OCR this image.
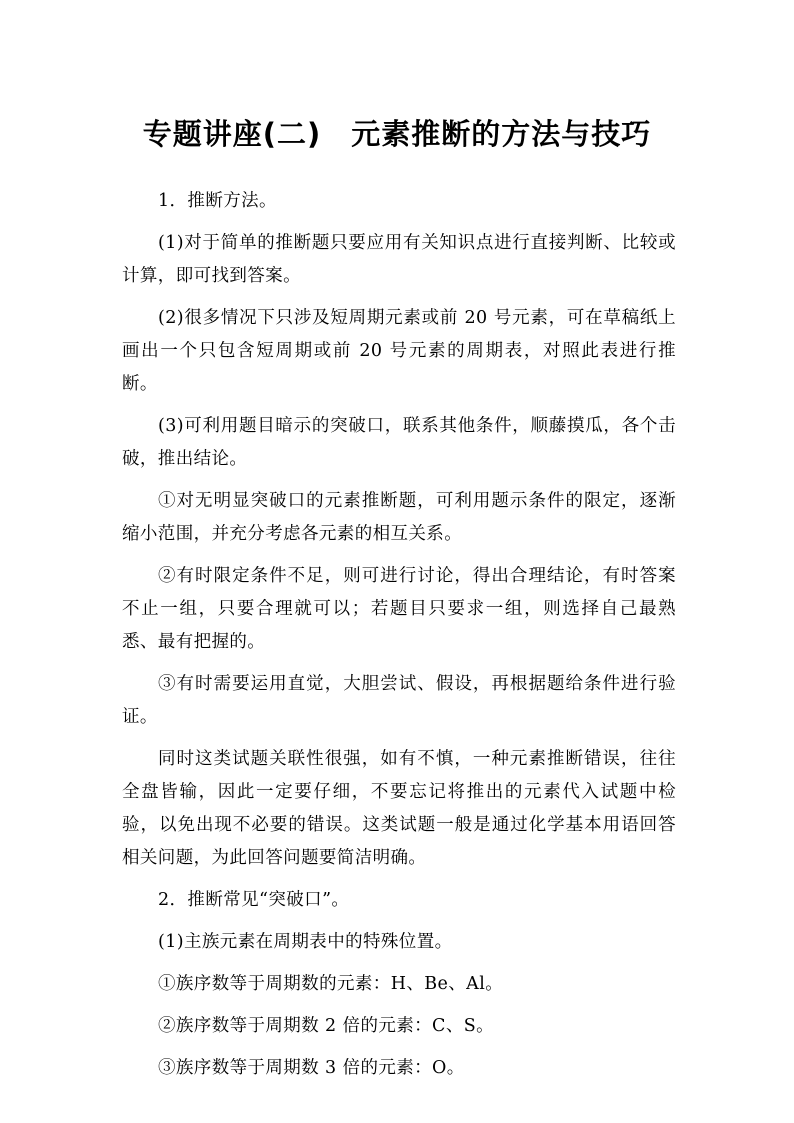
专题讲座(二)　元素推断的方法与技巧

1．推断方法。

(1)对于简单的推断题只要应用有关知识点进行直接判断、比较或计算，即可找到答案。

(2)很多情况下只涉及短周期元素或前 20 号元素，可在草稿纸上画出一个只包含短周期或前 20 号元素的周期表，对照此表进行推断。

(3)可利用题目暗示的突破口，联系其他条件，顺藤摸瓜，各个击破，推出结论。

①对无明显突破口的元素推断题，可利用题示条件的限定，逐渐缩小范围，并充分考虑各元素的相互关系。

②有时限定条件不足，则可进行讨论，得出合理结论，有时答案不止一组，只要合理就可以；若题目只要求一组，则选择自己最熟悉、最有把握的。

③有时需要运用直觉，大胆尝试、假设，再根据题给条件进行验证。

同时这类试题关联性很强，如有不慎，一种元素推断错误，往往全盘皆输，因此一定要仔细，不要忘记将推出的元素代入试题中检验，以免出现不必要的错误。这类试题一般是通过化学基本用语回答相关问题，为此回答问题要简洁明确。

2．推断常见“突破口”。

(1)主族元素在周期表中的特殊位置。

①族序数等于周期数的元素：H、Be、Al。

②族序数等于周期数 2 倍的元素：C、S。

③族序数等于周期数 3 倍的元素：O。
